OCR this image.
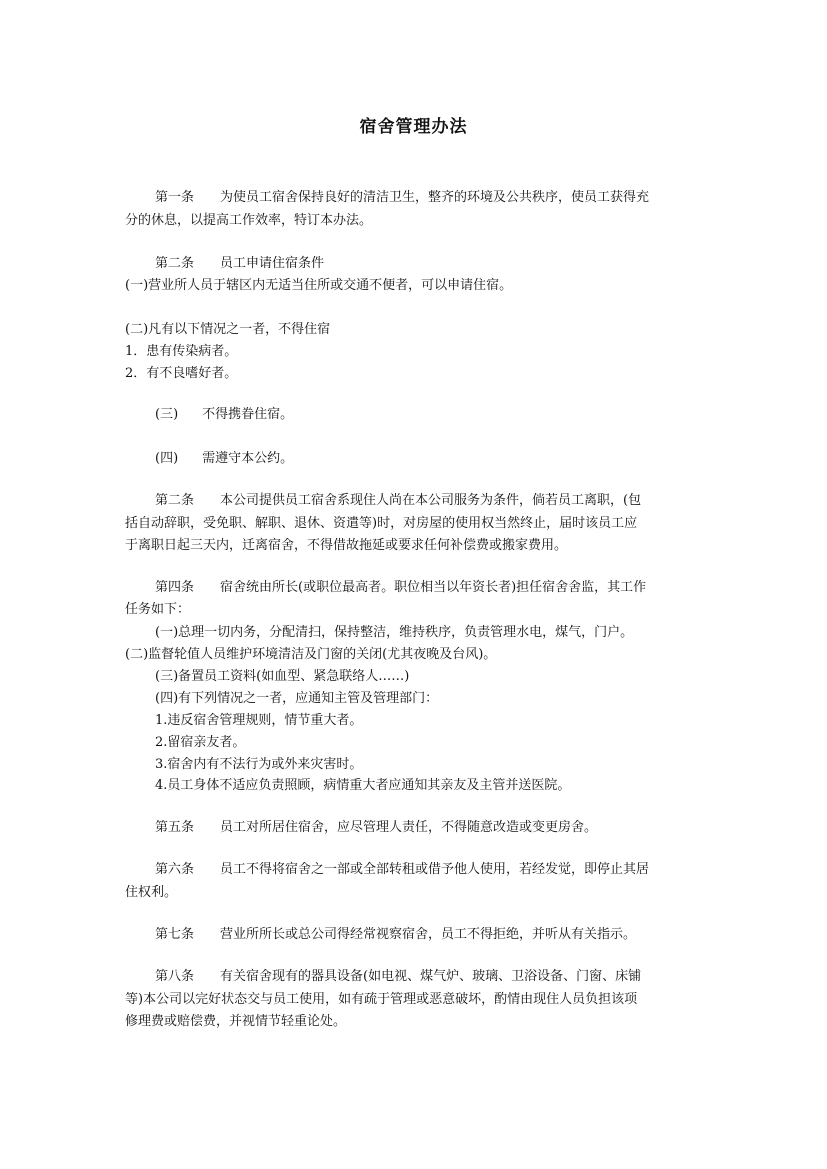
宿舍管理办法
第一条 为使员工宿舍保持良好的清洁卫生，整齐的环境及公共秩序，使员工获得充
分的休息，以提高工作效率，特订本办法。
第二条 员工申请住宿条件
(一)营业所人员于辖区内无适当住所或交通不便者，可以申请住宿。
(二)凡有以下情况之一者，不得住宿
1．患有传染病者。
2．有不良嗜好者。
(三) 不得携眷住宿。
(四) 需遵守本公约。
第二条 本公司提供员工宿舍系现住人尚在本公司服务为条件，倘若员工离职，(包
括自动辞职，受免职、解职、退休、资遣等)时，对房屋的使用权当然终止，届时该员工应
于离职日起三天内，迁离宿舍，不得借故拖延或要求任何补偿费或搬家费用。
第四条 宿舍统由所长(或职位最高者。职位相当以年资长者)担任宿舍舍监，其工作
任务如下：
(一)总理一切内务，分配清扫，保持整洁，维持秩序，负责管理水电，煤气，门户。
(二)监督轮值人员维护环境清洁及门窗的关闭(尤其夜晚及台风)。
(三)备置员工资料(如血型、紧急联络人……)
(四)有下列情况之一者，应通知主管及管理部门：
1.违反宿舍管理规则，情节重大者。
2.留宿亲友者。
3.宿舍内有不法行为或外来灾害时。
4.员工身体不适应负责照顾，病情重大者应通知其亲友及主管并送医院。
第五条 员工对所居住宿舍，应尽管理人责任，不得随意改造或变更房舍。
第六条 员工不得将宿舍之一部或全部转租或借予他人使用，若经发觉，即停止其居
住权利。
第七条 营业所所长或总公司得经常视察宿舍，员工不得拒绝，并听从有关指示。
第八条 有关宿舍现有的器具设备(如电视、煤气炉、玻璃、卫浴设备、门窗、床铺
等)本公司以完好状态交与员工使用，如有疏于管理或恶意破坏，酌情由现住人员负担该项
修理费或赔偿费，并视情节轻重论处。
